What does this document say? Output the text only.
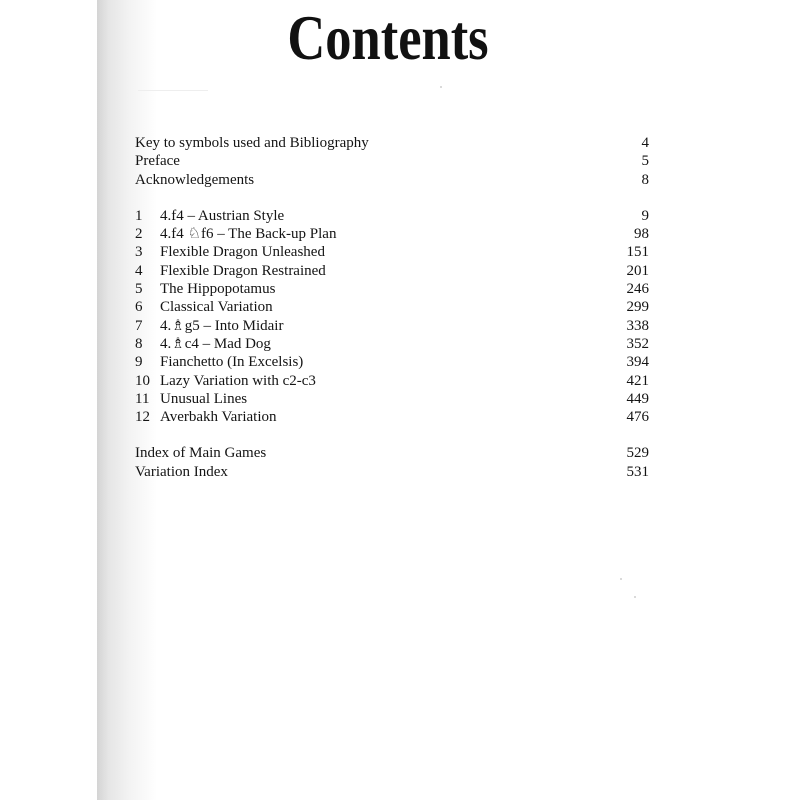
Contents
Key to symbols used and Bibliography	4
Preface	5
Acknowledgements	8
1 4.f4 – Austrian Style	9
2 4.f4 ♘f6 – The Back-up Plan	98
3 Flexible Dragon Unleashed	151
4 Flexible Dragon Restrained	201
5 The Hippopotamus	246
6 Classical Variation	299
7 4.♗g5 – Into Midair	338
8 4.♗c4 – Mad Dog	352
9 Fianchetto (In Excelsis)	394
10 Lazy Variation with c2-c3	421
11 Unusual Lines	449
12 Averbakh Variation	476
Index of Main Games	529
Variation Index	531
